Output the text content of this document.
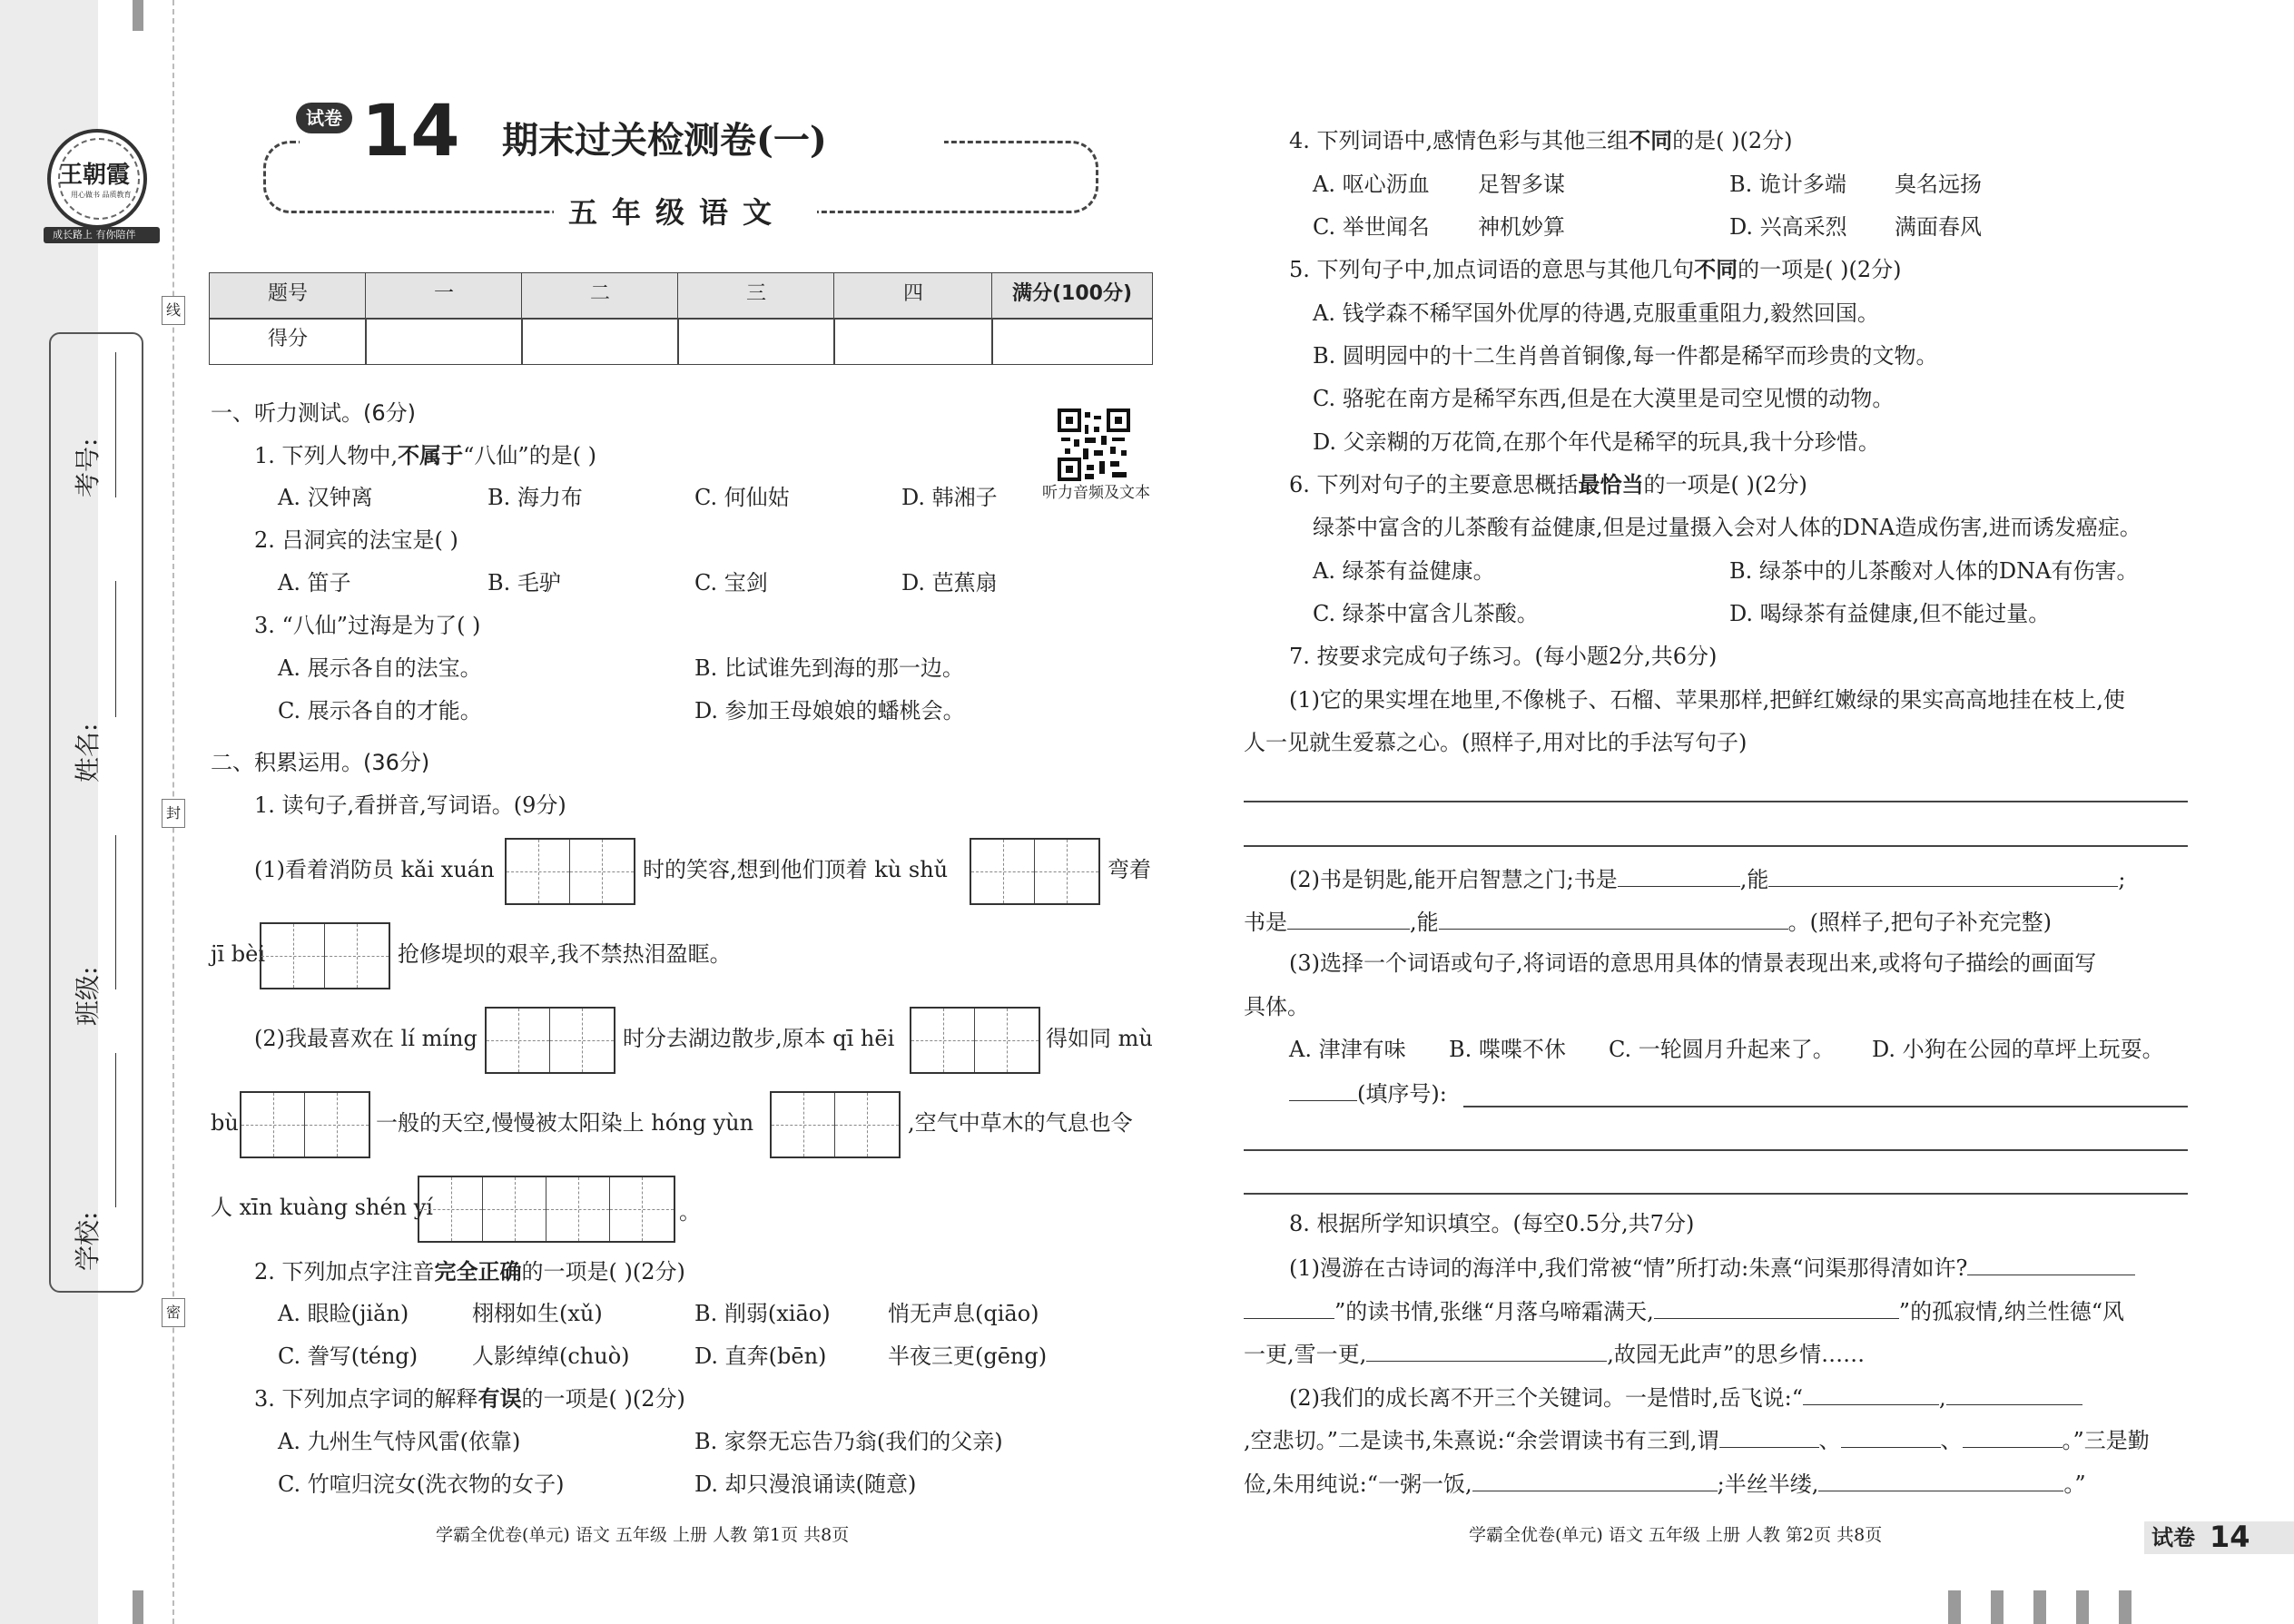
王朝霞
用心做书 品质教育
成长路上 有你陪伴
考号:
姓名:
班级:
学校:
线
封
密
试卷 14 期末过关检测卷(一)
五年级语文
题号	一	二	三	四	满分(100分)
得分
听力音频及文本
一、听力测试。(6分)
1. 下列人物中,不属于“八仙”的是( )
A. 汉钟离	B. 海力布	C. 何仙姑	D. 韩湘子
2. 吕洞宾的法宝是( )
A. 笛子	B. 毛驴	C. 宝剑	D. 芭蕉扇
3. “八仙”过海是为了( )
A. 展示各自的法宝。	B. 比试谁先到海的那一边。
C. 展示各自的才能。	D. 参加王母娘娘的蟠桃会。
二、积累运用。(36分)
1. 读句子,看拼音,写词语。(9分)
(1)看着消防员 kǎi xuán	时的笑容,想到他们顶着 kù shǔ	弯着
jī bèi	抢修堤坝的艰辛,我不禁热泪盈眶。
(2)我最喜欢在 lí míng	时分去湖边散步,原本 qī hēi	得如同 mù
bù	一般的天空,慢慢被太阳染上 hóng yùn	,空气中草木的气息也令
人 xīn kuàng shén yí	。
2. 下列加点字注音完全正确的一项是( )(2分)
A. 眼睑(jiǎn)	栩栩如生(xǔ)	B. 削弱(xiāo)	悄无声息(qiāo)
C. 誊写(téng) 人影绰绰(chuò)	D. 直奔(bēn)	半夜三更(gēng)
3. 下列加点字词的解释有误的一项是( )(2分)
A. 九州生气恃风雷(依靠)	B. 家祭无忘告乃翁(我们的父亲)
C. 竹喧归浣女(洗衣物的女子)	D. 却只漫浪诵读(随意)
学霸全优卷(单元) 语文 五年级 上册 人教 第1页 共8页
4. 下列词语中,感情色彩与其他三组不同的是( )(2分)
A. 呕心沥血 足智多谋	B. 诡计多端 臭名远扬
C. 举世闻名 神机妙算	D. 兴高采烈 满面春风
5. 下列句子中,加点词语的意思与其他几句不同的一项是( )(2分)
A. 钱学森不稀罕国外优厚的待遇,克服重重阻力,毅然回国。
B. 圆明园中的十二生肖兽首铜像,每一件都是稀罕而珍贵的文物。
C. 骆驼在南方是稀罕东西,但是在大漠里是司空见惯的动物。
D. 父亲糊的万花筒,在那个年代是稀罕的玩具,我十分珍惜。
6. 下列对句子的主要意思概括最恰当的一项是( )(2分)
绿茶中富含的儿茶酸有益健康,但是过量摄入会对人体的DNA造成伤害,进而诱发癌症。
A. 绿茶有益健康。	B. 绿茶中的儿茶酸对人体的DNA有伤害。
C. 绿茶中富含儿茶酸。	D. 喝绿茶有益健康,但不能过量。
7. 按要求完成句子练习。(每小题2分,共6分)
(1)它的果实埋在地里,不像桃子、石榴、苹果那样,把鲜红嫩绿的果实高高地挂在枝上,使
人一见就生爱慕之心。(照样子,用对比的手法写句子)
(2)书是钥匙,能开启智慧之门;书是	,能	;
书是	,能	。(照样子,把句子补充完整)
(3)选择一个词语或句子,将词语的意思用具体的情景表现出来,或将句子描绘的画面写
具体。
A. 津津有味 B. 喋喋不休 C. 一轮圆月升起来了。 D. 小狗在公园的草坪上玩耍。
(填序号):
8. 根据所学知识填空。(每空0.5分,共7分)
(1)漫游在古诗词的海洋中,我们常被“情”所打动:朱熹“问渠那得清如许?
”的读书情,张继“月落乌啼霜满天,	”的孤寂情,纳兰性德“风
一更,雪一更,	,故园无此声”的思乡情……
(2)我们的成长离不开三个关键词。一是惜时,岳飞说:“	,
,空悲切。”二是读书,朱熹说:“余尝谓读书有三到,谓	、	、	。”三是勤
俭,朱用纯说:“一粥一饭,	;半丝半缕,	。”
学霸全优卷(单元) 语文 五年级 上册 人教 第2页 共8页	试卷 14
